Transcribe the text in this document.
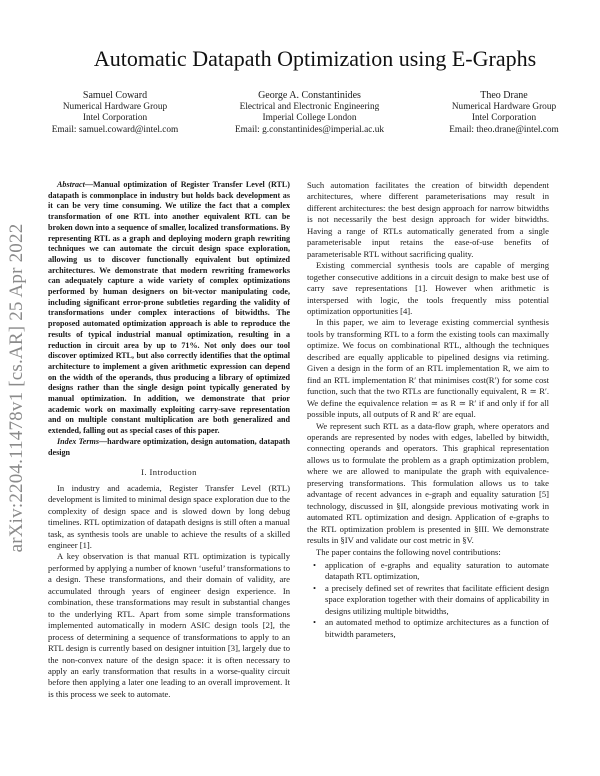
arXiv:2204.11478v1 [cs.AR] 25 Apr 2022
Automatic Datapath Optimization using E-Graphs
Samuel Coward
Numerical Hardware Group
Intel Corporation
Email: samuel.coward@intel.com
George A. Constantinides
Electrical and Electronic Engineering
Imperial College London
Email: g.constantinides@imperial.ac.uk
Theo Drane
Numerical Hardware Group
Intel Corporation
Email: theo.drane@intel.com

Abstract—Manual optimization of Register Transfer Level (RTL) datapath is commonplace in industry but holds back development as it can be very time consuming. We utilize the fact that a complex transformation of one RTL into another equivalent RTL can be broken down into a sequence of smaller, localized transformations. By representing RTL as a graph and deploying modern graph rewriting techniques we can automate the circuit design space exploration, allowing us to discover functionally equivalent but optimized architectures. We demonstrate that modern rewriting frameworks can adequately capture a wide variety of complex optimizations performed by human designers on bit-vector manipulating code, including significant error-prone subtleties regarding the validity of transformations under complex interactions of bitwidths. The proposed automated optimization approach is able to reproduce the results of typical industrial manual optimization, resulting in a reduction in circuit area by up to 71%. Not only does our tool discover optimized RTL, but also correctly identifies that the optimal architecture to implement a given arithmetic expression can depend on the width of the operands, thus producing a library of optimized designs rather than the single design point typically generated by manual optimization. In addition, we demonstrate that prior academic work on maximally exploiting carry-save representation and on multiple constant multiplication are both generalized and extended, falling out as special cases of this paper.

Index Terms—hardware optimization, design automation, datapath design

I. Introduction

In industry and academia, Register Transfer Level (RTL) development is limited to minimal design space exploration due to the complexity of design space and is slowed down by long debug timelines. RTL optimization of datapath designs is still often a manual task, as synthesis tools are unable to achieve the results of a skilled engineer [1].

A key observation is that manual RTL optimization is typically performed by applying a number of known ‘useful’ transformations to a design. These transformations, and their domain of validity, are accumulated through years of engineer design experience. In combination, these transformations may result in substantial changes to the underlying RTL. Apart from some simple transformations implemented automatically in modern ASIC design tools [2], the process of determining a sequence of transformations to apply to an RTL design is currently based on designer intuition [3], largely due to the non-convex nature of the design space: it is often necessary to apply an early transformation that results in a worse-quality circuit before then applying a later one leading to an overall improvement. It is this process we seek to automate.

Such automation facilitates the creation of bitwidth dependent architectures, where different parameterisations may result in different architectures: the best design approach for narrow bitwidths is not necessarily the best design approach for wider bitwidths. Having a range of RTLs automatically generated from a single parameterisable input retains the ease-of-use benefits of parameterisable RTL without sacrificing quality.

Existing commercial synthesis tools are capable of merging together consecutive additions in a circuit design to make best use of carry save representations [1]. However when arithmetic is interspersed with logic, the tools frequently miss potential optimization opportunities [4].

In this paper, we aim to leverage existing commercial synthesis tools by transforming RTL to a form the existing tools can maximally optimize. We focus on combinational RTL, although the techniques described are equally applicable to pipelined designs via retiming. Given a design in the form of an RTL implementation R, we aim to find an RTL implementation R′ that minimises cost(R′) for some cost function, such that the two RTLs are functionally equivalent, R ≃ R′. We define the equivalence relation ≃ as R ≃ R′ if and only if for all possible inputs, all outputs of R and R′ are equal.

We represent such RTL as a data-flow graph, where operators and operands are represented by nodes with edges, labelled by bitwidth, connecting operands and operators. This graphical representation allows us to formulate the problem as a graph optimization problem, where we are allowed to manipulate the graph with equivalence-preserving transformations. This formulation allows us to take advantage of recent advances in e-graph and equality saturation [5] technology, discussed in §II, alongside previous motivating work in automated RTL optimization and design. Application of e-graphs to the RTL optimization problem is presented in §III. We demonstrate results in §IV and validate our cost metric in §V.

The paper contains the following novel contributions:

• application of e-graphs and equality saturation to automate datapath RTL optimization,
• a precisely defined set of rewrites that facilitate efficient design space exploration together with their domains of applicability in designs utilizing multiple bitwidths,
• an automated method to optimize architectures as a function of bitwidth parameters,
